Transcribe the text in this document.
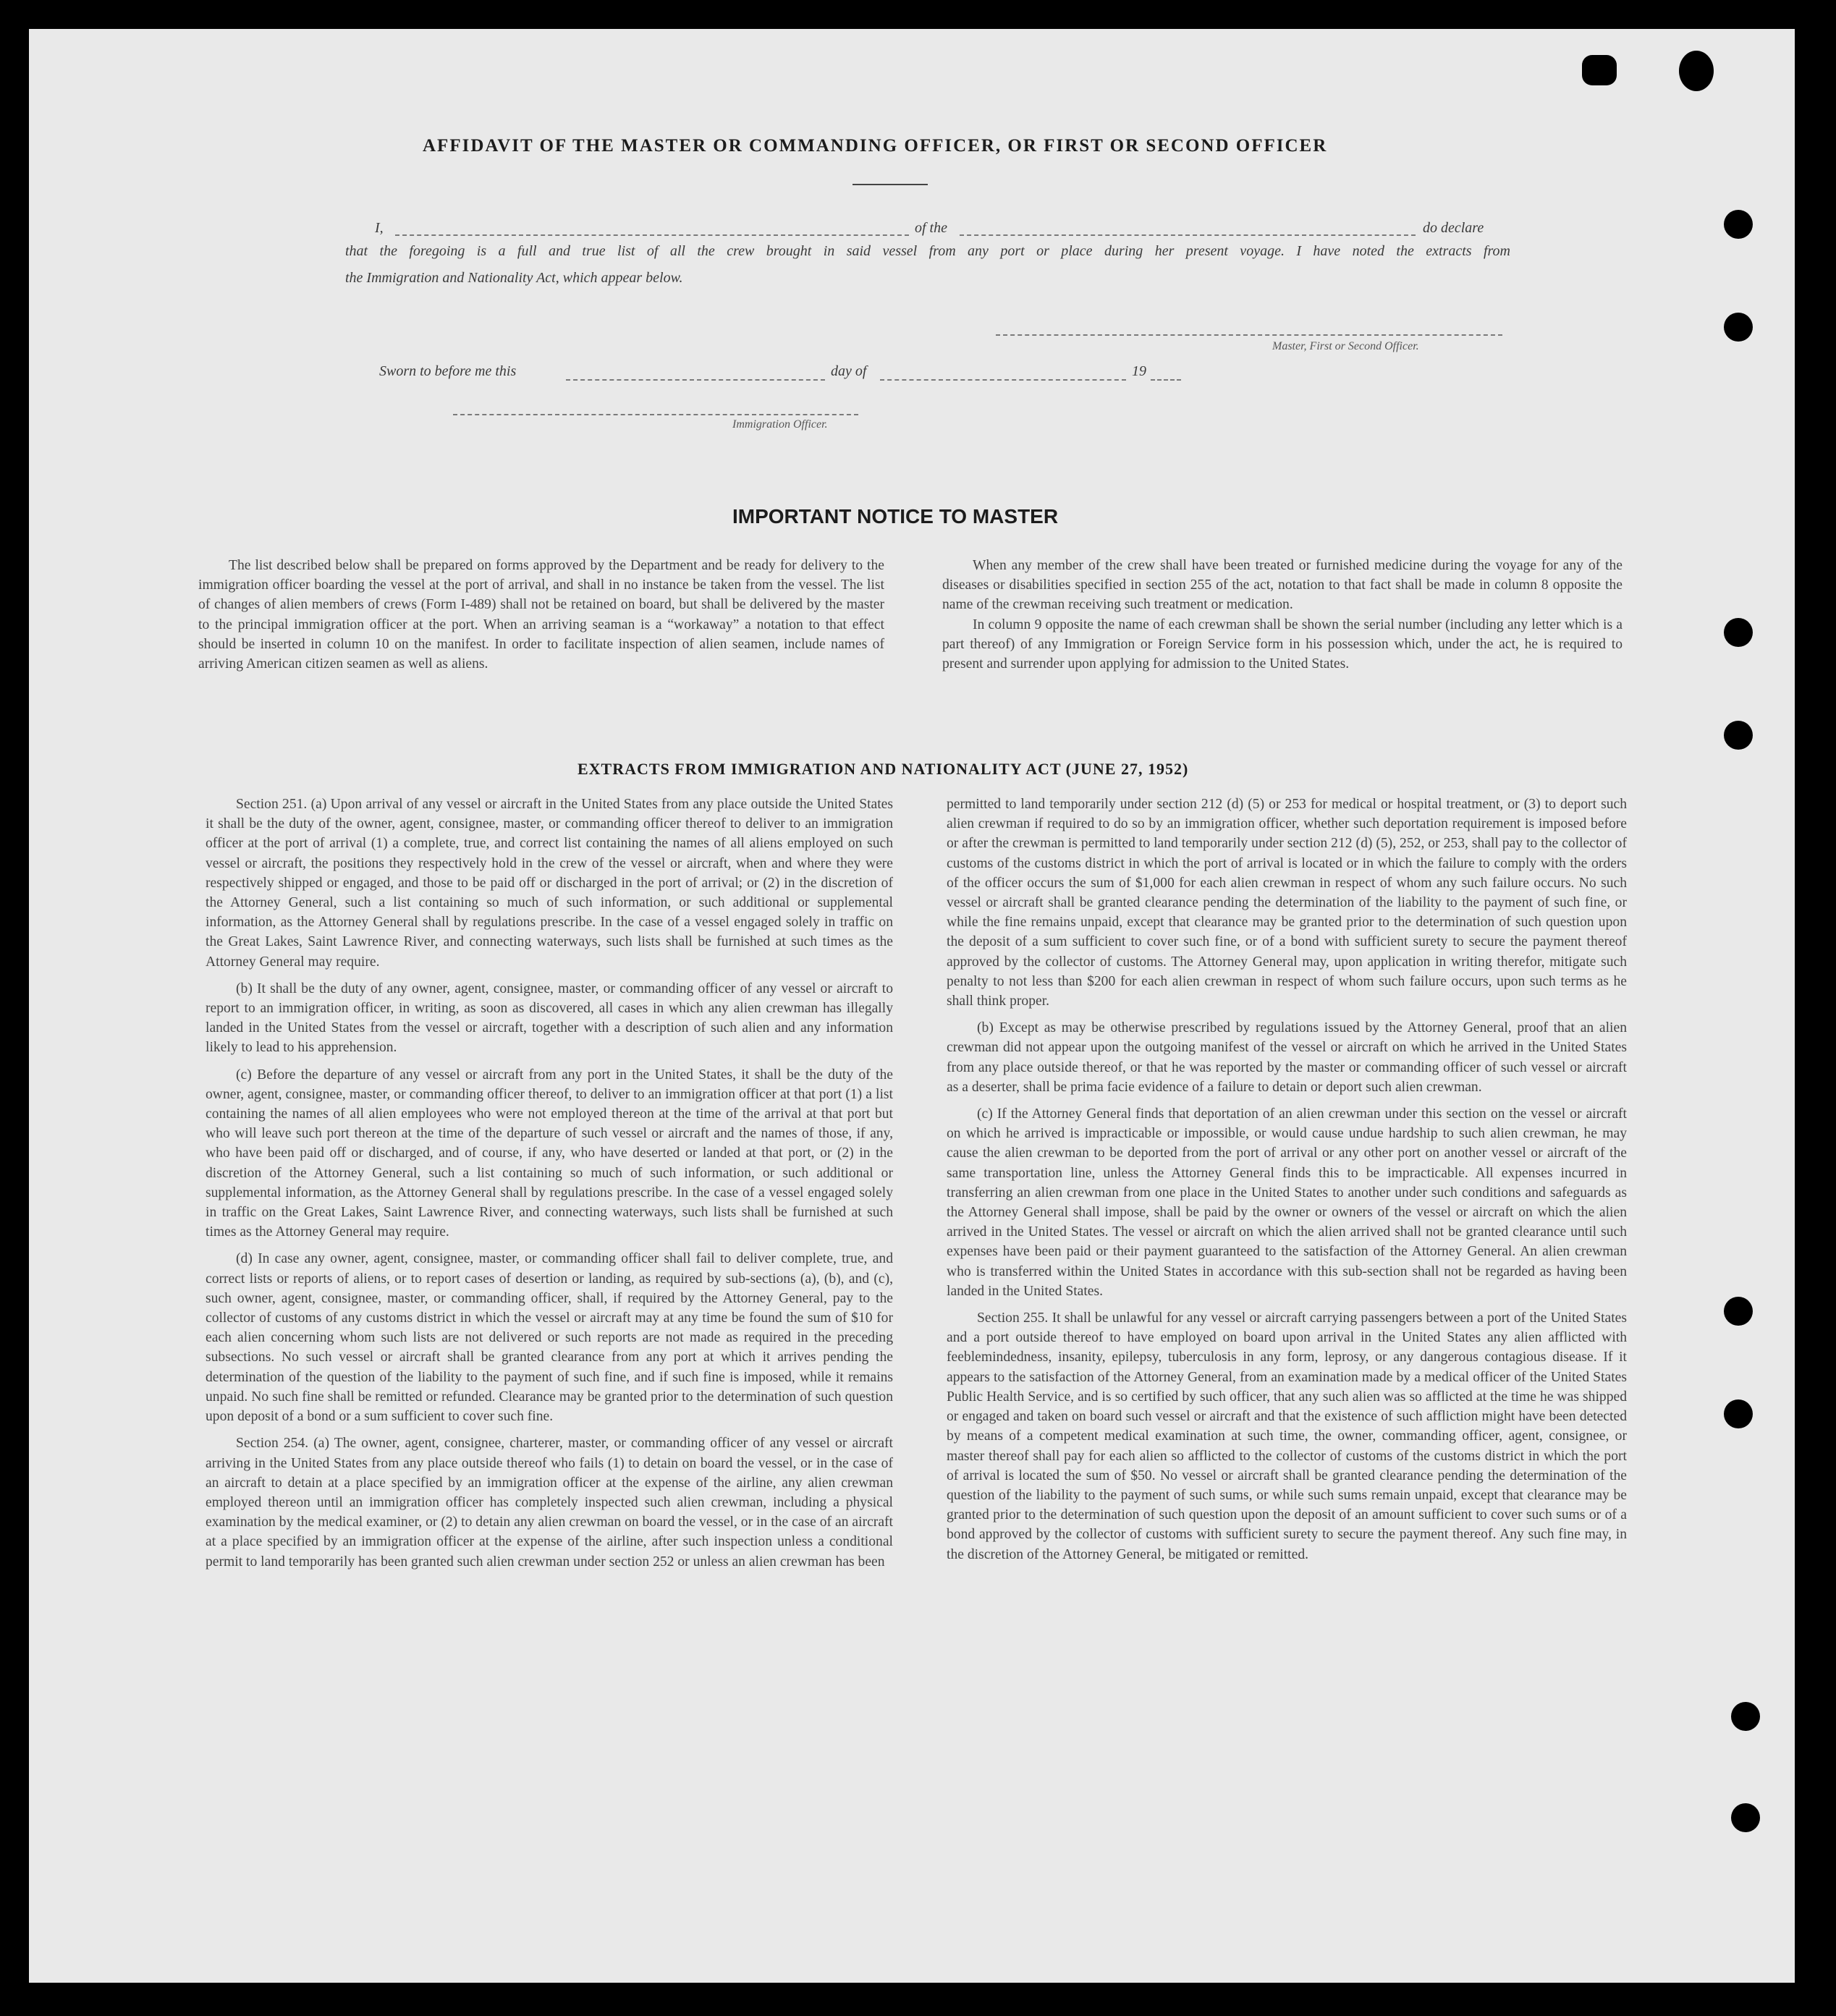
AFFIDAVIT OF THE MASTER OR COMMANDING OFFICER, OR FIRST OR SECOND OFFICER
I,	of the	do declare
that the foregoing is a full and true list of all the crew brought in said vessel from any port or place during her present voyage. I have noted the extracts from
the Immigration and Nationality Act, which appear below.
Master, First or Second Officer.
Sworn to before me this	day of	19
Immigration Officer.
IMPORTANT NOTICE TO MASTER

The list described below shall be prepared on forms approved by the Department and be ready for delivery to the immigration officer boarding the vessel at the port of arrival, and shall in no instance be taken from the vessel. The list of changes of alien members of crews (Form I-489) shall not be retained on board, but shall be delivered by the master to the principal immigration officer at the port. When an arriving seaman is a “workaway” a notation to that effect should be inserted in column 10 on the manifest. In order to facilitate inspection of alien seamen, include names of arriving American citizen seamen as well as aliens.

When any member of the crew shall have been treated or furnished medicine during the voyage for any of the diseases or disabilities specified in section 255 of the act, notation to that fact shall be made in column 8 opposite the name of the crewman receiving such treatment or medication.

In column 9 opposite the name of each crewman shall be shown the serial number (including any letter which is a part thereof) of any Immigration or Foreign Service form in his possession which, under the act, he is required to present and surrender upon applying for admission to the United States.

EXTRACTS FROM IMMIGRATION AND NATIONALITY ACT (JUNE 27, 1952)

Section 251. (a) Upon arrival of any vessel or aircraft in the United States from any place outside the United States it shall be the duty of the owner, agent, consignee, master, or commanding officer thereof to deliver to an immigration officer at the port of arrival (1) a complete, true, and correct list containing the names of all aliens employed on such vessel or aircraft, the positions they respectively hold in the crew of the vessel or aircraft, when and where they were respectively shipped or engaged, and those to be paid off or discharged in the port of arrival; or (2) in the discretion of the Attorney General, such a list containing so much of such information, or such additional or supplemental information, as the Attorney General shall by regulations prescribe. In the case of a vessel engaged solely in traffic on the Great Lakes, Saint Lawrence River, and connecting waterways, such lists shall be furnished at such times as the Attorney General may require.

(b) It shall be the duty of any owner, agent, consignee, master, or commanding officer of any vessel or aircraft to report to an immigration officer, in writing, as soon as discovered, all cases in which any alien crewman has illegally landed in the United States from the vessel or aircraft, together with a description of such alien and any information likely to lead to his apprehension.

(c) Before the departure of any vessel or aircraft from any port in the United States, it shall be the duty of the owner, agent, consignee, master, or commanding officer thereof, to deliver to an immigration officer at that port (1) a list containing the names of all alien employees who were not employed thereon at the time of the arrival at that port but who will leave such port thereon at the time of the departure of such vessel or aircraft and the names of those, if any, who have been paid off or discharged, and of course, if any, who have deserted or landed at that port, or (2) in the discretion of the Attorney General, such a list containing so much of such information, or such additional or supplemental information, as the Attorney General shall by regulations prescribe. In the case of a vessel engaged solely in traffic on the Great Lakes, Saint Lawrence River, and connecting waterways, such lists shall be furnished at such times as the Attorney General may require.

(d) In case any owner, agent, consignee, master, or commanding officer shall fail to deliver complete, true, and correct lists or reports of aliens, or to report cases of desertion or landing, as required by sub-sections (a), (b), and (c), such owner, agent, consignee, master, or commanding officer, shall, if required by the Attorney General, pay to the collector of customs of any customs district in which the vessel or aircraft may at any time be found the sum of $10 for each alien concerning whom such lists are not delivered or such reports are not made as required in the preceding subsections. No such vessel or aircraft shall be granted clearance from any port at which it arrives pending the determination of the question of the liability to the payment of such fine, and if such fine is imposed, while it remains unpaid. No such fine shall be remitted or refunded. Clearance may be granted prior to the determination of such question upon deposit of a bond or a sum sufficient to cover such fine.

Section 254. (a) The owner, agent, consignee, charterer, master, or commanding officer of any vessel or aircraft arriving in the United States from any place outside thereof who fails (1) to detain on board the vessel, or in the case of an aircraft to detain at a place specified by an immigration officer at the expense of the airline, any alien crewman employed thereon until an immigration officer has completely inspected such alien crewman, including a physical examination by the medical examiner, or (2) to detain any alien crewman on board the vessel, or in the case of an aircraft at a place specified by an immigration officer at the expense of the airline, after such inspection unless a conditional permit to land temporarily has been granted such alien crewman under section 252 or unless an alien crewman has been

permitted to land temporarily under section 212 (d) (5) or 253 for medical or hospital treatment, or (3) to deport such alien crewman if required to do so by an immigration officer, whether such deportation requirement is imposed before or after the crewman is permitted to land temporarily under section 212 (d) (5), 252, or 253, shall pay to the collector of customs of the customs district in which the port of arrival is located or in which the failure to comply with the orders of the officer occurs the sum of $1,000 for each alien crewman in respect of whom any such failure occurs. No such vessel or aircraft shall be granted clearance pending the determination of the liability to the payment of such fine, or while the fine remains unpaid, except that clearance may be granted prior to the determination of such question upon the deposit of a sum sufficient to cover such fine, or of a bond with sufficient surety to secure the payment thereof approved by the collector of customs. The Attorney General may, upon application in writing therefor, mitigate such penalty to not less than $200 for each alien crewman in respect of whom such failure occurs, upon such terms as he shall think proper.

(b) Except as may be otherwise prescribed by regulations issued by the Attorney General, proof that an alien crewman did not appear upon the outgoing manifest of the vessel or aircraft on which he arrived in the United States from any place outside thereof, or that he was reported by the master or commanding officer of such vessel or aircraft as a deserter, shall be prima facie evidence of a failure to detain or deport such alien crewman.

(c) If the Attorney General finds that deportation of an alien crewman under this section on the vessel or aircraft on which he arrived is impracticable or impossible, or would cause undue hardship to such alien crewman, he may cause the alien crewman to be deported from the port of arrival or any other port on another vessel or aircraft of the same transportation line, unless the Attorney General finds this to be impracticable. All expenses incurred in transferring an alien crewman from one place in the United States to another under such conditions and safeguards as the Attorney General shall impose, shall be paid by the owner or owners of the vessel or aircraft on which the alien arrived in the United States. The vessel or aircraft on which the alien arrived shall not be granted clearance until such expenses have been paid or their payment guaranteed to the satisfaction of the Attorney General. An alien crewman who is transferred within the United States in accordance with this sub-section shall not be regarded as having been landed in the United States.

Section 255. It shall be unlawful for any vessel or aircraft carrying passengers between a port of the United States and a port outside thereof to have employed on board upon arrival in the United States any alien afflicted with feeblemindedness, insanity, epilepsy, tuberculosis in any form, leprosy, or any dangerous contagious disease. If it appears to the satisfaction of the Attorney General, from an examination made by a medical officer of the United States Public Health Service, and is so certified by such officer, that any such alien was so afflicted at the time he was shipped or engaged and taken on board such vessel or aircraft and that the existence of such affliction might have been detected by means of a competent medical examination at such time, the owner, commanding officer, agent, consignee, or master thereof shall pay for each alien so afflicted to the collector of customs of the customs district in which the port of arrival is located the sum of $50. No vessel or aircraft shall be granted clearance pending the determination of the question of the liability to the payment of such sums, or while such sums remain unpaid, except that clearance may be granted prior to the determination of such question upon the deposit of an amount sufficient to cover such sums or of a bond approved by the collector of customs with sufficient surety to secure the payment thereof. Any such fine may, in the discretion of the Attorney General, be mitigated or remitted.
